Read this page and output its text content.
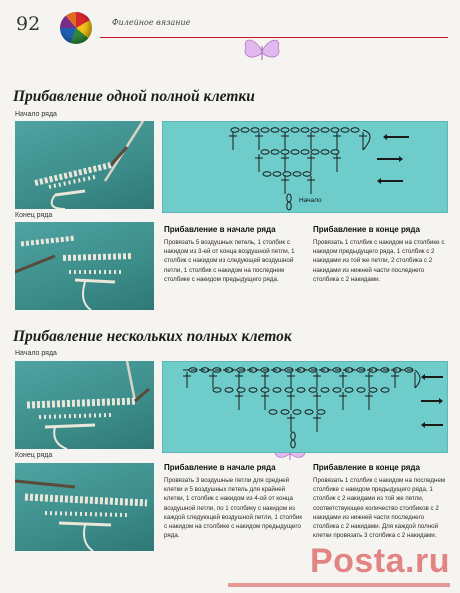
92	Филейное вязание
Прибавление одной полной клетки
Начало ряда
Конец ряда
Начало
Прибавление в начале ряда
Провязать 5 воздушных петель, 1 столбик с накидом из 3-ей от конца воздушной петли, 1 столбик с накидом из следующей воздушной петли, 1 столбик с накидом на последнем столбике с накидом предыдущего ряда.
Прибавление в конце ряда
Провязать 1 столбик с накидом на столбике с накидом предыдущего ряда, 1 столбик с 2 накидами из той же петли, 2 столбика с 2 накидами из нижней части последнего столбика с 2 накидами.
Прибавление нескольких полных клеток
Начало ряда
Конец ряда
Прибавление в начале ряда
Провязать 3 воздушные петли для средней клетки и 5 воздушных петель для крайней клетки, 1 столбик с накидом из 4-ой от конца воздушной петли, по 1 столбику с накидом из каждой следующей воздушной петли, 1 столбик с накидом на столбике с накидом предыдущего ряда.
Прибавление в конце ряда
Провязать 1 столбик с накидом на последнем столбике с накидом предыдущего ряда, 1 столбик с 2 накидами из той же петли, соответствующее количество столбиков с 2 накидами из нижней части последнего столбика с 2 накидами. Для каждой полной клетки провязать 3 столбика с 2 накидами.
Posta.ru
